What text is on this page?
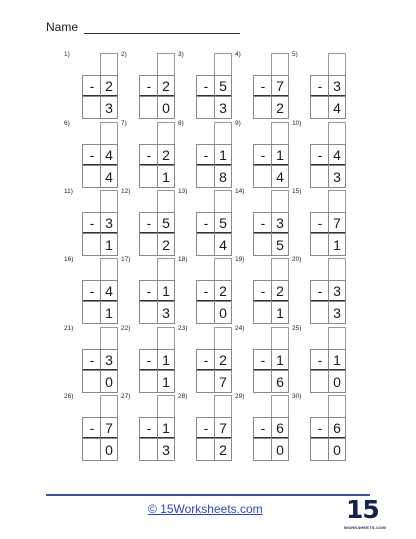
Name
1)
- 2
3
2)
- 2
0
3)
- 5
3
4)
- 7
2
5)
- 3
4
6)
- 4
4
7)
- 2
1
8)
- 1
8
9)
- 1
4
10)
- 4
3
11)
- 3
1
12)
- 5
2
13)
- 5
4
14)
- 3
5
15)
- 7
1
16)
- 4
1
17)
- 1
3
18)
- 2
0
19)
- 2
1
20)
- 3
3
21)
- 3
0
22)
- 1
1
23)
- 2
7
24)
- 1
6
25)
- 1
0
26)
- 7
0
27)
- 1
3
28)
- 7
2
29)
- 6
0
30)
- 6
0
© 15Worksheets.com	15
WORKSHEETS.COM
